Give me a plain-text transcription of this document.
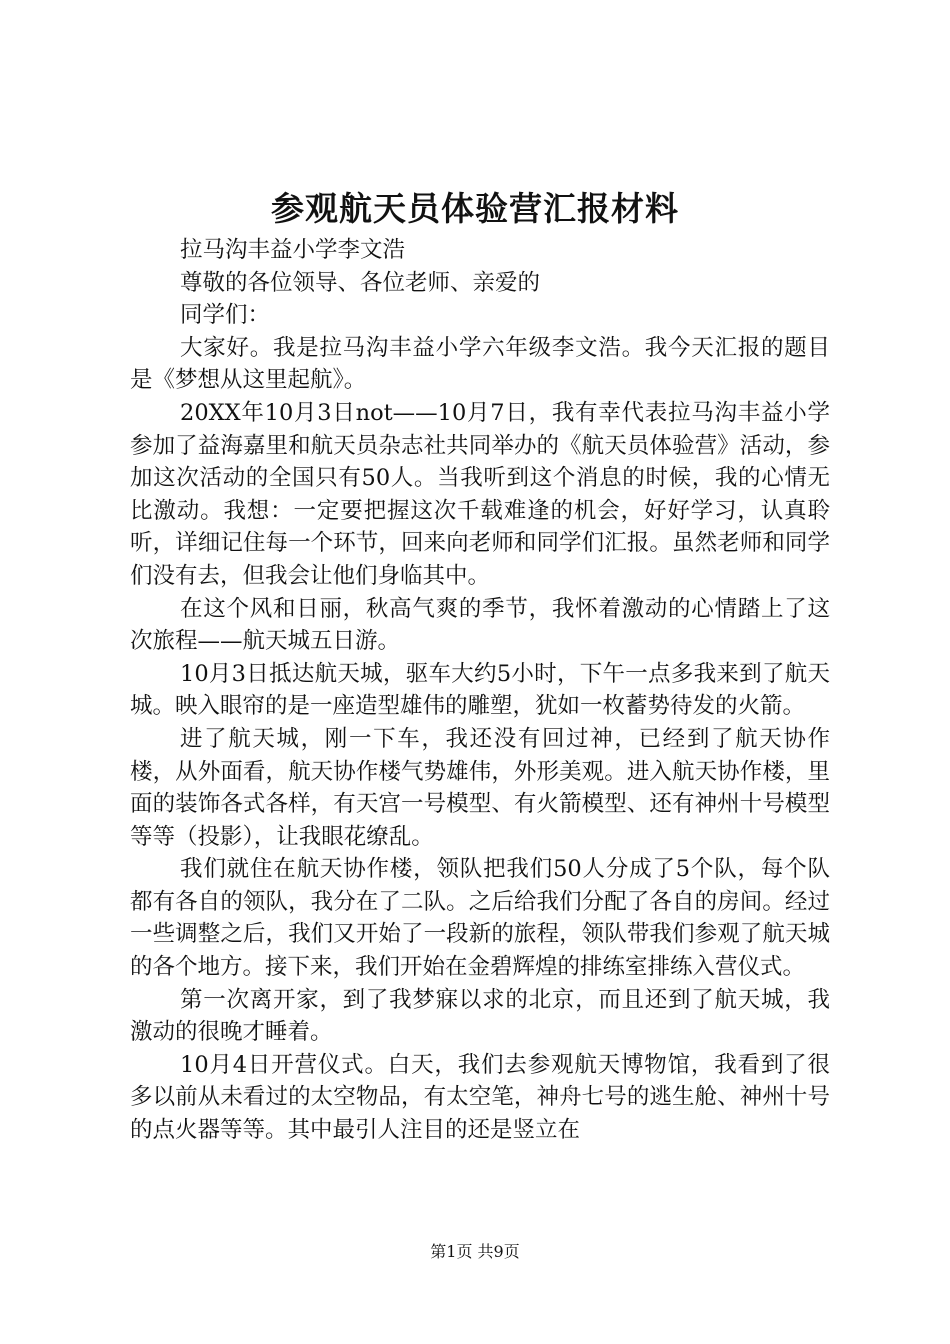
参观航天员体验营汇报材料

拉马沟丰益小学李文浩

尊敬的各位领导、各位老师、亲爱的

同学们：

大家好。我是拉马沟丰益小学六年级李文浩。我今天汇报的题目是《梦想从这里起航》。

20XX年10月3日not——10月7日，我有幸代表拉马沟丰益小学参加了益海嘉里和航天员杂志社共同举办的《航天员体验营》活动，参加这次活动的全国只有50人。当我听到这个消息的时候，我的心情无比激动。我想：一定要把握这次千载难逢的机会，好好学习，认真聆听，详细记住每一个环节，回来向老师和同学们汇报。虽然老师和同学们没有去，但我会让他们身临其中。

在这个风和日丽，秋高气爽的季节，我怀着激动的心情踏上了这次旅程——航天城五日游。

10月3日抵达航天城，驱车大约5小时，下午一点多我来到了航天城。映入眼帘的是一座造型雄伟的雕塑，犹如一枚蓄势待发的火箭。

进了航天城，刚一下车，我还没有回过神，已经到了航天协作楼，从外面看，航天协作楼气势雄伟，外形美观。进入航天协作楼，里面的装饰各式各样，有天宫一号模型、有火箭模型、还有神州十号模型等等（投影），让我眼花缭乱。

我们就住在航天协作楼，领队把我们50人分成了5个队，每个队都有各自的领队，我分在了二队。之后给我们分配了各自的房间。经过一些调整之后，我们又开始了一段新的旅程，领队带我们参观了航天城的各个地方。接下来，我们开始在金碧辉煌的排练室排练入营仪式。

第一次离开家，到了我梦寐以求的北京，而且还到了航天城，我激动的很晚才睡着。

10月4日开营仪式。白天，我们去参观航天博物馆，我看到了很多以前从未看过的太空物品，有太空笔，神舟七号的逃生舱、神州十号的点火器等等。其中最引人注目的还是竖立在

第1页 共9页
